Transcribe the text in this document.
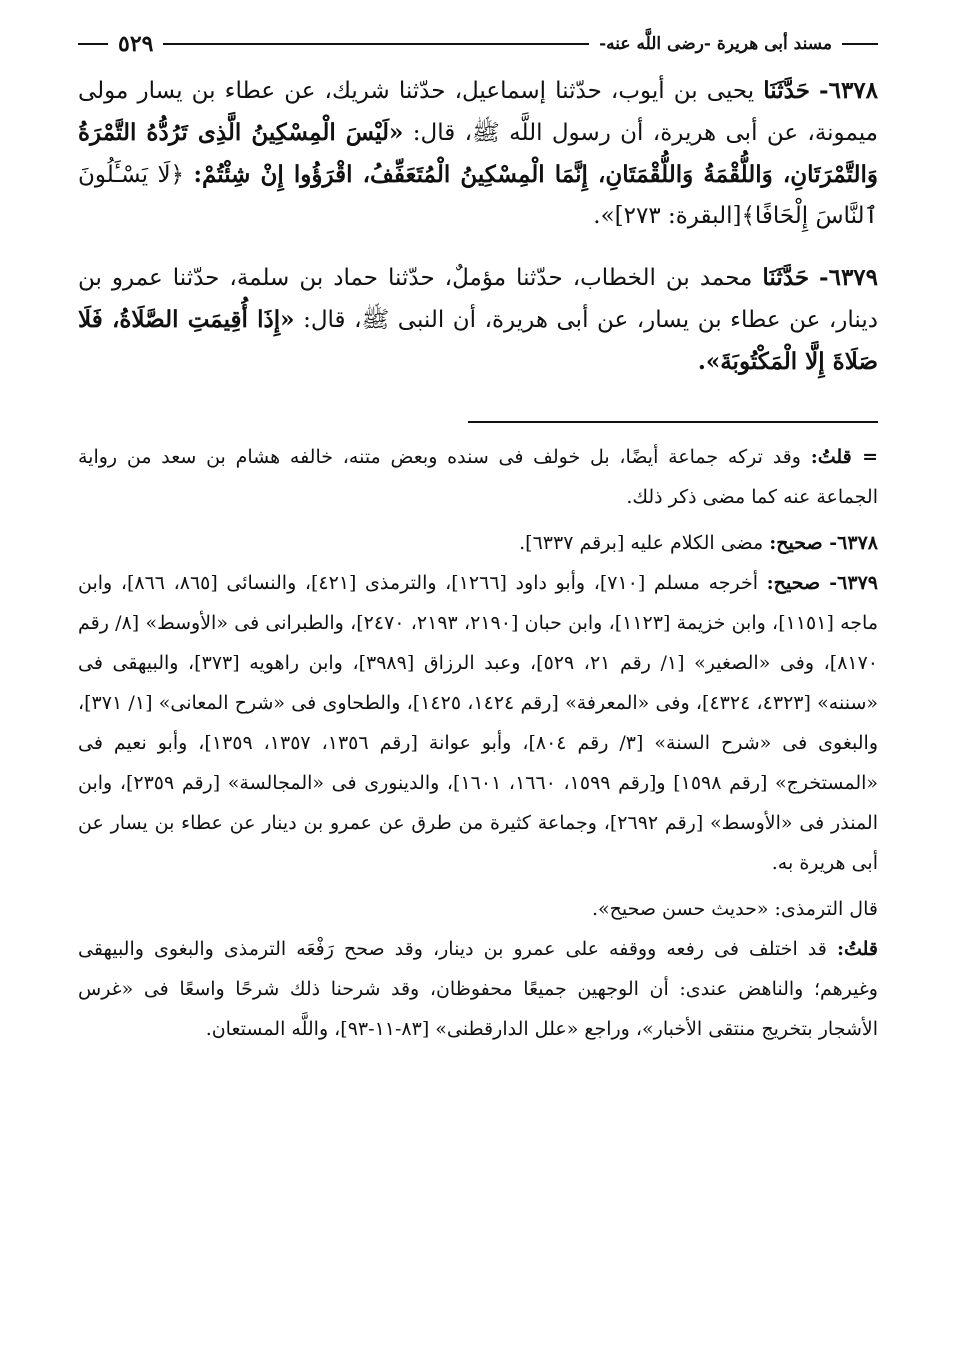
مسند أبى هريرة -رضى اللَّه عنه-
٥٢٩

٦٣٧٨- حَدَّثَنَا يحيى بن أيوب، حدّثنا إسماعيل، حدّثنا شريك، عن عطاء بن يسار مولى ميمونة، عن أبى هريرة، أن رسول اللَّه ﷺ، قال: «لَيْسَ الْمِسْكِينُ الَّذِى تَرُدُّهُ التَّمْرَةُ وَالتَّمْرَتَانِ، وَاللُّقْمَةُ وَاللُّقْمَتَانِ، إِنَّمَا الْمِسْكِينُ الْمُتَعَفِّفُ، اقْرَؤُوا إِنْ شِئْتُمْ: ﴿لَا يَسْـَٔلُونَ ٱلنَّاسَ إِلْحَافًا﴾[البقرة: ٢٧٣]».

٦٣٧٩- حَدَّثَنَا محمد بن الخطاب، حدّثنا مؤملٌ، حدّثنا حماد بن سلمة، حدّثنا عمرو بن دينار، عن عطاء بن يسار، عن أبى هريرة، أن النبى ﷺ، قال: «إِذَا أُقِيمَتِ الصَّلَاةُ، فَلَا صَلَاةَ إِلَّا الْمَكْتُوبَةَ».

= قلتُ: وقد تركه جماعة أيضًا، بل خولف فى سنده وبعض متنه، خالفه هشام بن سعد من رواية الجماعة عنه كما مضى ذكر ذلك.

٦٣٧٨- صحيح: مضى الكلام عليه [برقم ٦٣٣٧].

٦٣٧٩- صحيح: أخرجه مسلم [٧١٠]، وأبو داود [١٢٦٦]، والترمذى [٤٢١]، والنسائى [٨٦٥، ٨٦٦]، وابن ماجه [١١٥١]، وابن خزيمة [١١٢٣]، وابن حبان [٢١٩٠، ٢١٩٣، ٢٤٧٠]، والطبرانى فى «الأوسط» [٨/ رقم ٨١٧٠]، وفى «الصغير» [١/ رقم ٢١، ٥٢٩]، وعبد الرزاق [٣٩٨٩]، وابن راهويه [٣٧٣]، والبيهقى فى «سننه» [٤٣٢٣، ٤٣٢٤]، وفى «المعرفة» [رقم ١٤٢٤، ١٤٢٥]، والطحاوى فى «شرح المعانى» [١/ ٣٧١]، والبغوى فى «شرح السنة» [٣/ رقم ٨٠٤]، وأبو عوانة [رقم ١٣٥٦، ١٣٥٧، ١٣٥٩]، وأبو نعيم فى «المستخرج» [رقم ١٥٩٨] و[رقم ١٥٩٩، ١٦٦٠، ١٦٠١]، والدينورى فى «المجالسة» [رقم ٢٣٥٩]، وابن المنذر فى «الأوسط» [رقم ٢٦٩٢]، وجماعة كثيرة من طرق عن عمرو بن دينار عن عطاء بن يسار عن أبى هريرة به.

قال الترمذى: «حديث حسن صحيح».

قلتُ: قد اختلف فى رفعه ووقفه على عمرو بن دينار، وقد صحح رَفْعَه الترمذى والبغوى والبيهقى وغيرهم؛ والناهض عندى: أن الوجهين جميعًا محفوظان، وقد شرحنا ذلك شرحًا واسعًا فى «غرس الأشجار بتخريج منتقى الأخبار»، وراجع «علل الدارقطنى» [٨٣-١١-٩٣]، واللَّه المستعان.
